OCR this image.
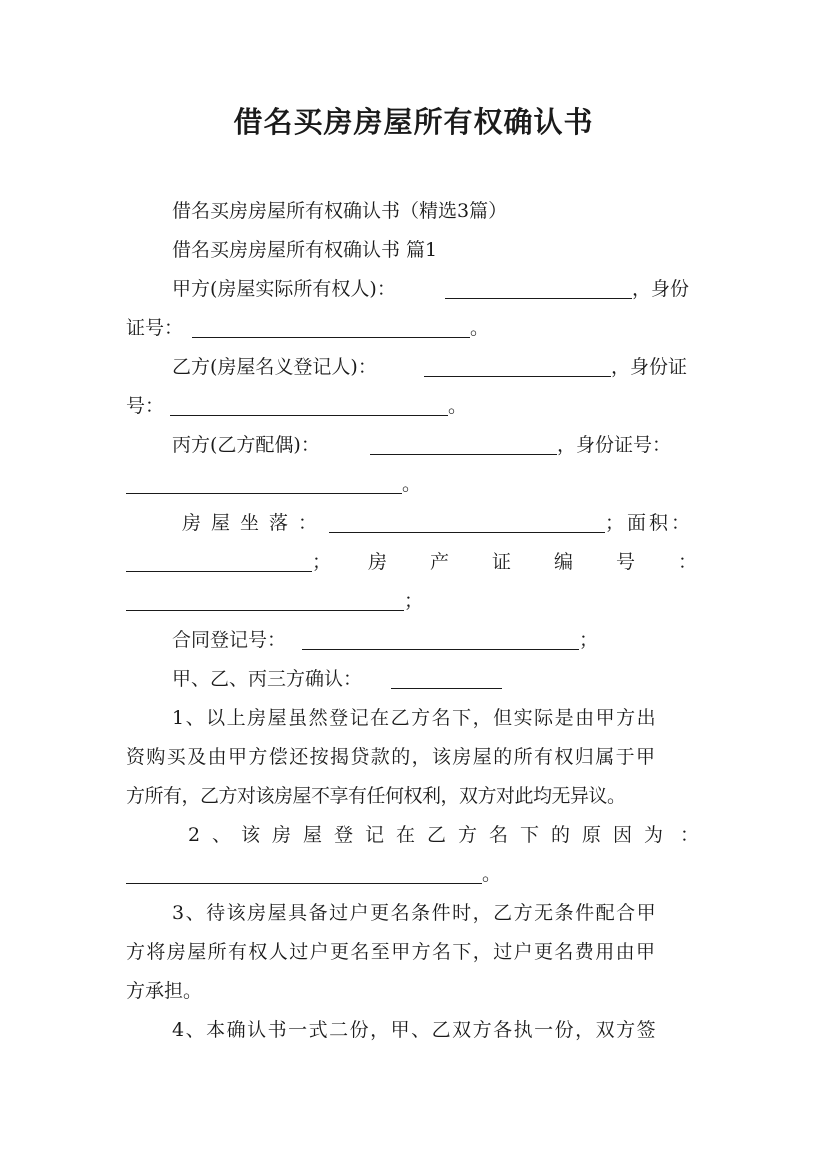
借名买房房屋所有权确认书
借名买房房屋所有权确认书（精选3篇）
借名买房房屋所有权确认书 篇1
甲方(房屋实际所有权人)：	，身份
证号：	。
乙方(房屋名义登记人)：	，身份证
号：	。
丙方(乙方配偶)：	，身份证号：
。
房屋坐落：	；面积：
； 房 产 证 编 号 ：
；
合同登记号：	；
甲、乙、丙三方确认：
1、以上房屋虽然登记在乙方名下，但实际是由甲方出
资购买及由甲方偿还按揭贷款的，该房屋的所有权归属于甲
方所有，乙方对该房屋不享有任何权利，双方对此均无异议。
2 、 该 房 屋 登 记 在 乙 方 名 下 的 原 因 为 ：
。
3、待该房屋具备过户更名条件时，乙方无条件配合甲
方将房屋所有权人过户更名至甲方名下，过户更名费用由甲
方承担。
4、本确认书一式二份，甲、乙双方各执一份，双方签
